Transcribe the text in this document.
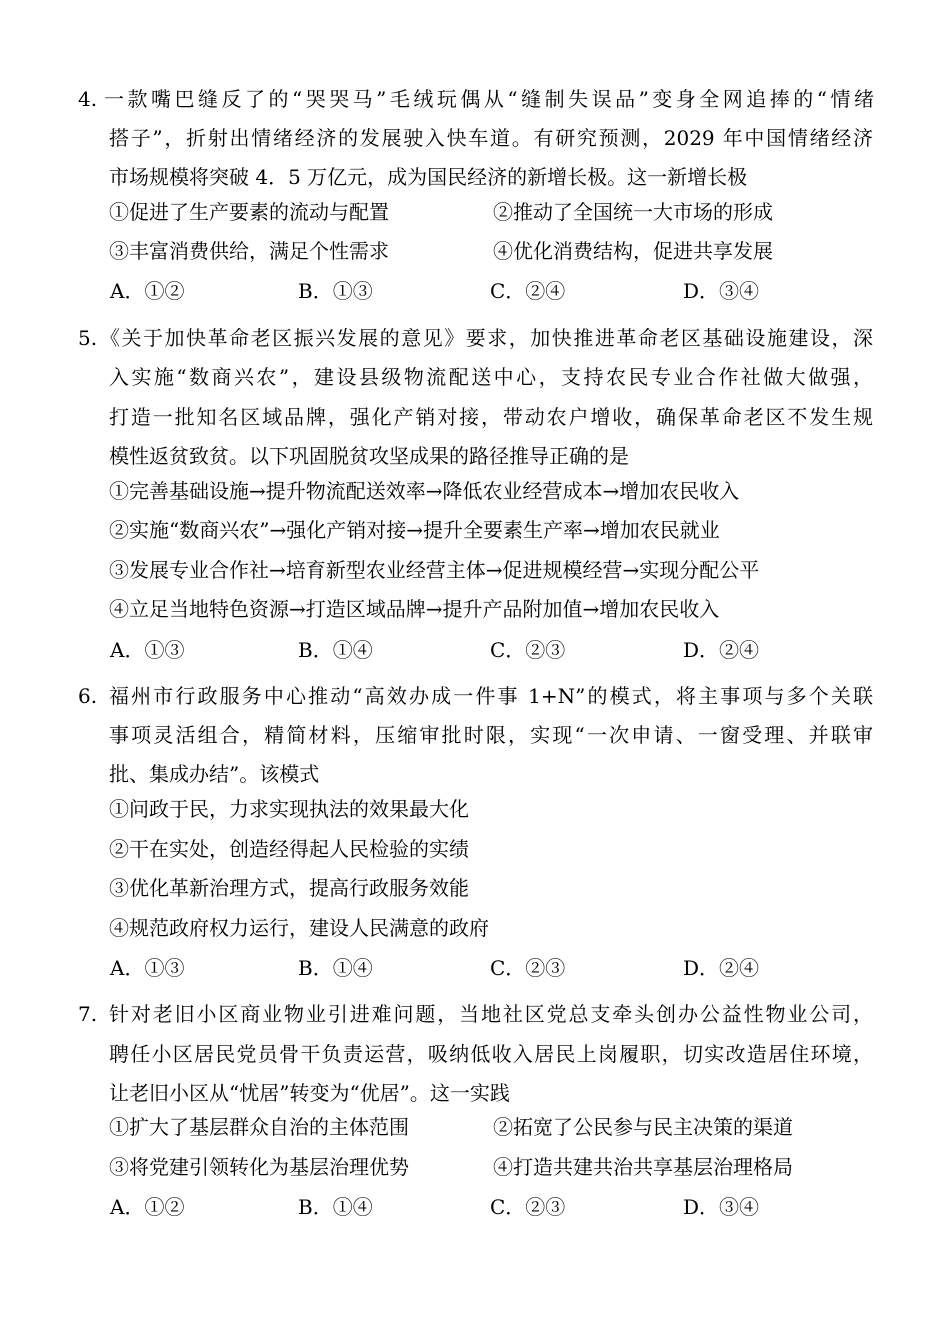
4. 一款嘴巴缝反了的“哭哭马”毛绒玩偶从“缝制失误品”变身全网追捧的“情绪
搭子”，折射出情绪经济的发展驶入快车道。有研究预测，2029 年中国情绪经济
市场规模将突破 4．5 万亿元，成为国民经济的新增长极。这一新增长极
①促进了生产要素的流动与配置	②推动了全国统一大市场的形成
③丰富消费供给，满足个性需求	④优化消费结构，促进共享发展
A．①②	B．①③	C．②④	D．③④
5. 《关于加快革命老区振兴发展的意见》要求，加快推进革命老区基础设施建设，深
入实施“数商兴农”，建设县级物流配送中心，支持农民专业合作社做大做强，
打造一批知名区域品牌，强化产销对接，带动农户增收，确保革命老区不发生规
模性返贫致贫。以下巩固脱贫攻坚成果的路径推导正确的是
①完善基础设施→提升物流配送效率→降低农业经营成本→增加农民收入
②实施“数商兴农”→强化产销对接→提升全要素生产率→增加农民就业
③发展专业合作社→培育新型农业经营主体→促进规模经营→实现分配公平
④立足当地特色资源→打造区域品牌→提升产品附加值→增加农民收入
A．①③	B．①④	C．②③	D．②④
6. 福州市行政服务中心推动“高效办成一件事 1+N”的模式，将主事项与多个关联
事项灵活组合，精简材料，压缩审批时限，实现“一次申请、一窗受理、并联审
批、集成办结”。该模式
①问政于民，力求实现执法的效果最大化
②干在实处，创造经得起人民检验的实绩
③优化革新治理方式，提高行政服务效能
④规范政府权力运行，建设人民满意的政府
A．①③	B．①④	C．②③	D．②④
7. 针对老旧小区商业物业引进难问题，当地社区党总支牵头创办公益性物业公司，
聘任小区居民党员骨干负责运营，吸纳低收入居民上岗履职，切实改造居住环境，
让老旧小区从“忧居”转变为“优居”。这一实践
①扩大了基层群众自治的主体范围	②拓宽了公民参与民主决策的渠道
③将党建引领转化为基层治理优势	④打造共建共治共享基层治理格局
A．①②	B．①④	C．②③	D．③④
